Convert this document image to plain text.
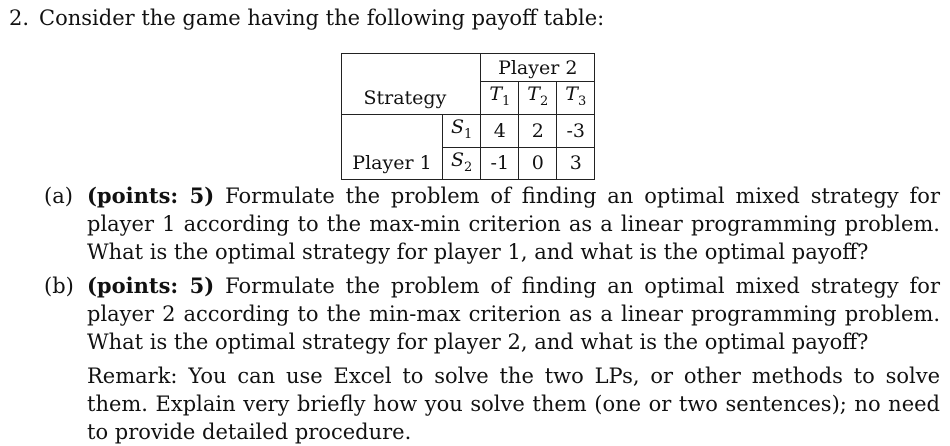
2. Consider the game having the following payoff table:
		Player 2		
Strategy		$T_1$	$T_2$	$T_3$
	$S_1$	4	2	-3
Player 1	$S_2$	-1	0	3
(a) (points: 5) Formulate the problem of finding an optimal mixed strategy for player 1 according to the max-min criterion as a linear programming problem. What is the optimal strategy for player 1, and what is the optimal payoff?
(b) (points: 5) Formulate the problem of finding an optimal mixed strategy for player 2 according to the min-max criterion as a linear programming problem. What is the optimal strategy for player 2, and what is the optimal payoff?
Remark: You can use Excel to solve the two LPs, or other methods to solve them. Explain very briefly how you solve them (one or two sentences); no need to provide detailed procedure.
